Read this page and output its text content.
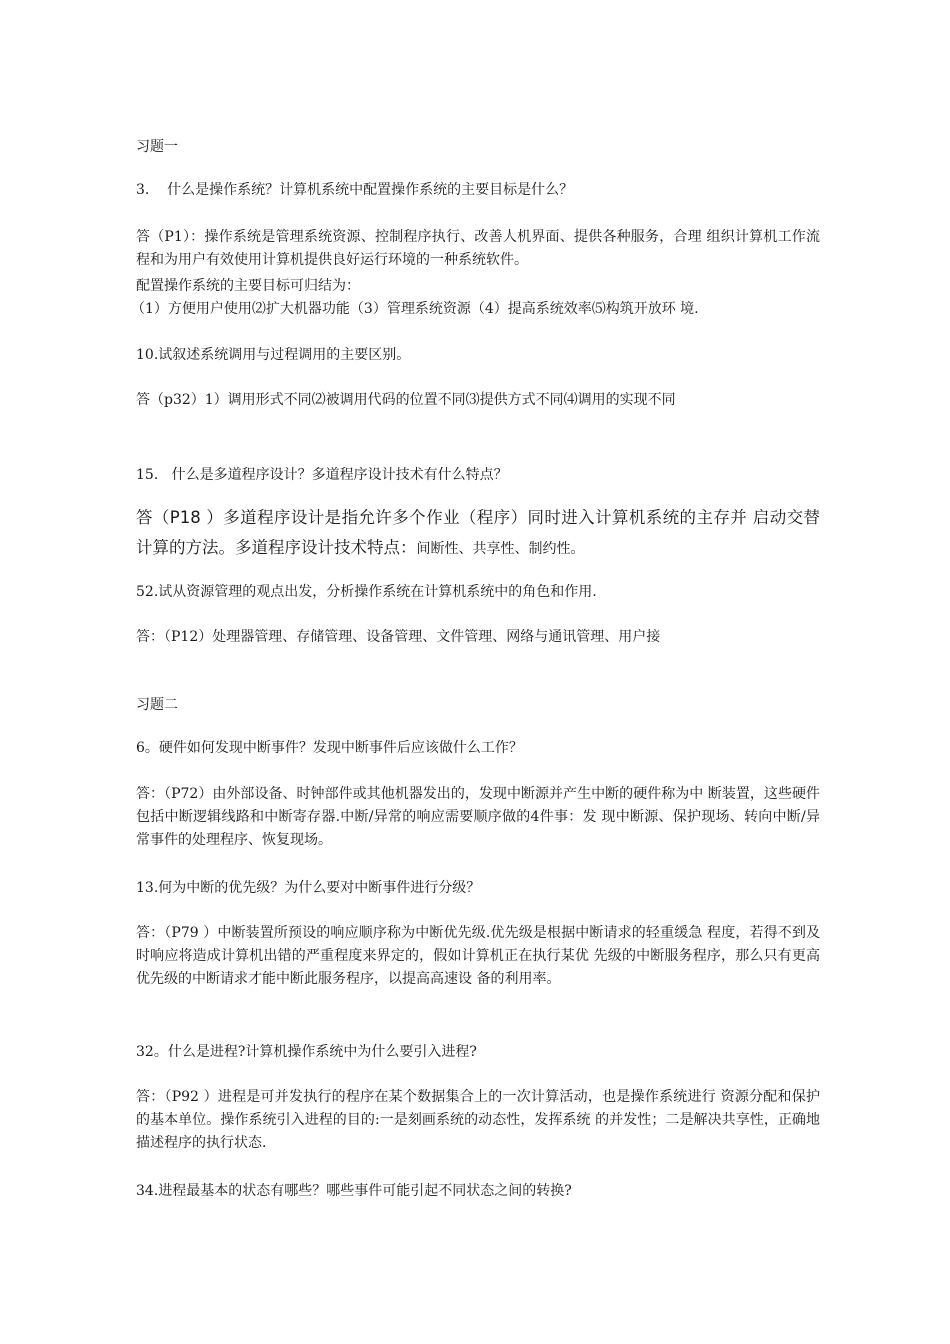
习题一
3.    什么是操作系统？计算机系统中配置操作系统的主要目标是什么？
答（P1）：操作系统是管理系统资源、控制程序执行、改善人机界面、提供各种服务，合理 组织计算机工作流程和为用户有效使用计算机提供良好运行环境的一种系统软件。
配置操作系统的主要目标可归结为：
（1）方便用户使用⑵扩大机器功能（3）管理系统资源（4）提高系统效率⑸构筑开放环 境.
10.试叙述系统调用与过程调用的主要区别。
答（p32）1）调用形式不同⑵被调用代码的位置不同⑶提供方式不同⑷调用的实现不同
15.   什么是多道程序设计？多道程序设计技术有什么特点？
答（P18 ）多道程序设计是指允许多个作业（程序）同时进入计算机系统的主存并 启动交替计算的方法。多道程序设计技术特点：间断性、共享性、制约性。
52.试从资源管理的观点出发，分析操作系统在计算机系统中的角色和作用.
答：（P12）处理器管理、存储管理、设备管理、文件管理、网络与通讯管理、用户接
习题二
6。硬件如何发现中断事件？发现中断事件后应该做什么工作？
答：（P72）由外部设备、时钟部件或其他机器发出的，发现中断源并产生中断的硬件称为中 断装置，这些硬件包括中断逻辑线路和中断寄存器.中断/异常的响应需要顺序做的4件事：发 现中断源、保护现场、转向中断/异常事件的处理程序、恢复现场。
13.何为中断的优先级？为什么要对中断事件进行分级？
答：（P79 ）中断装置所预设的响应顺序称为中断优先级.优先级是根据中断请求的轻重缓急 程度，若得不到及时响应将造成计算机出错的严重程度来界定的，假如计算机正在执行某优 先级的中断服务程序，那么只有更高优先级的中断请求才能中断此服务程序，以提高高速设 备的利用率。
32。什么是进程?计算机操作系统中为什么要引入进程?
答：（P92 ）进程是可并发执行的程序在某个数据集合上的一次计算活动，也是操作系统进行 资源分配和保护的基本单位。操作系统引入进程的目的:一是刻画系统的动态性，发挥系统 的并发性；二是解决共享性，正确地描述程序的执行状态.
34.进程最基本的状态有哪些？哪些事件可能引起不同状态之间的转换?
